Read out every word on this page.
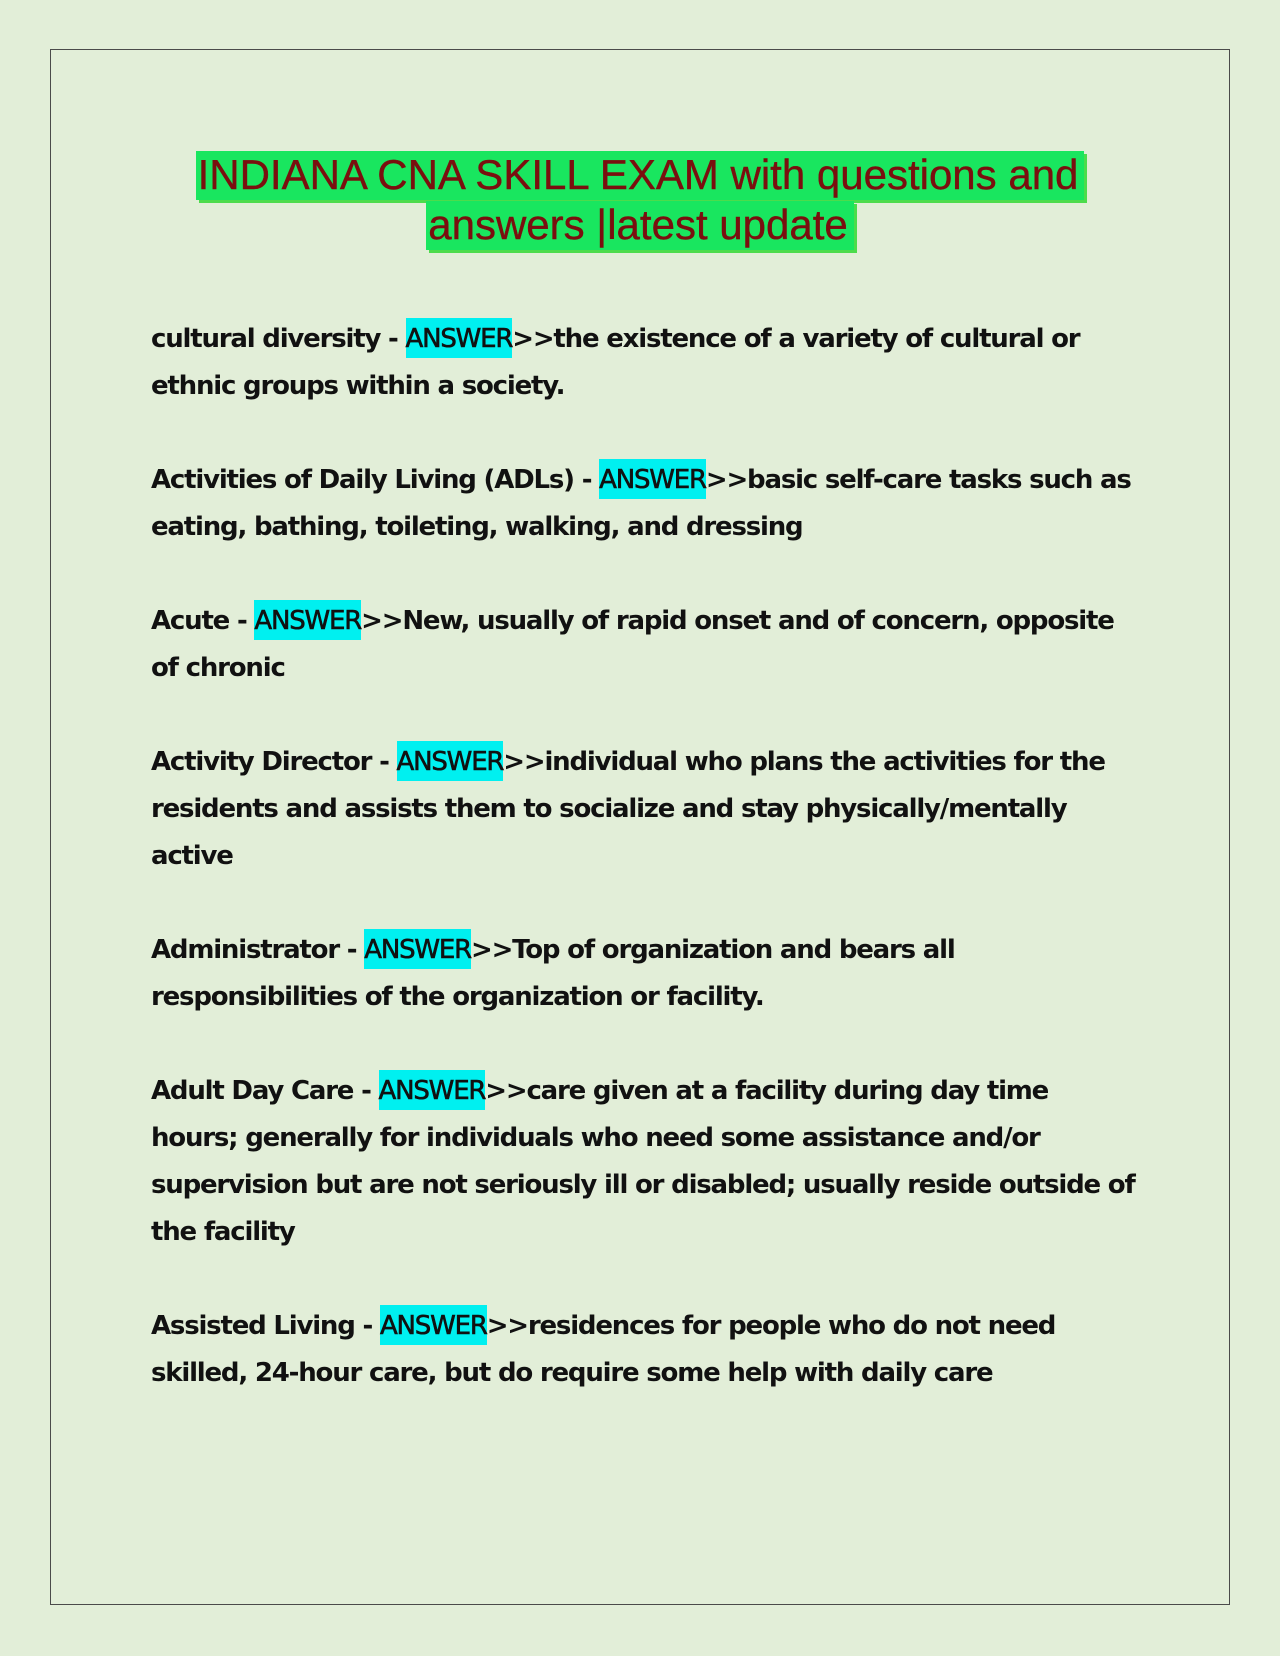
INDIANA CNA SKILL EXAM with questions and
answers |latest update

cultural diversity - ANSWER>>the existence of a variety of cultural or ethnic groups within a society.

Activities of Daily Living (ADLs) - ANSWER>>basic self-care tasks such as eating, bathing, toileting, walking, and dressing

Acute - ANSWER>>New, usually of rapid onset and of concern, opposite of chronic

Activity Director - ANSWER>>individual who plans the activities for the residents and assists them to socialize and stay physically/mentally active

Administrator - ANSWER>>Top of organization and bears all responsibilities of the organization or facility.

Adult Day Care - ANSWER>>care given at a facility during day time hours; generally for individuals who need some assistance and/or supervision but are not seriously ill or disabled; usually reside outside of the facility

Assisted Living - ANSWER>>residences for people who do not need skilled, 24-hour care, but do require some help with daily care
